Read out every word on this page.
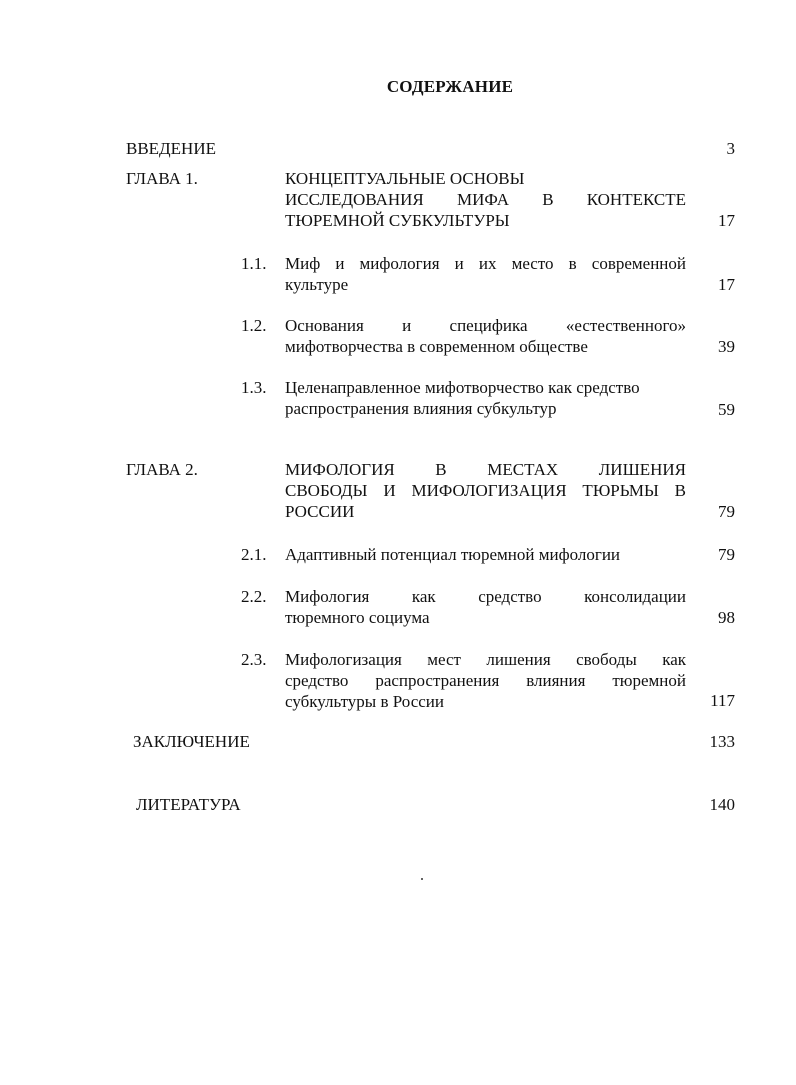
СОДЕРЖАНИЕ
ВВЕДЕНИЕ	3
ГЛАВА 1.	КОНЦЕПТУАЛЬНЫЕ ОСНОВЫ
ИССЛЕДОВАНИЯ МИФА В КОНТЕКСТЕ
ТЮРЕМНОЙ СУБКУЛЬТУРЫ	17
1.1. Миф и мифология и их место в современной
культуре	17
1.2. Основания и специфика «естественного»
мифотворчества в современном обществе	39
1.3. Целенаправленное мифотворчество как средство
распространения влияния субкультур	59
ГЛАВА 2.	МИФОЛОГИЯ В МЕСТАХ ЛИШЕНИЯ
СВОБОДЫ И МИФОЛОГИЗАЦИЯ ТЮРЬМЫ В
РОССИИ	79
2.1. Адаптивный потенциал тюремной мифологии	79
2.2. Мифология как средство консолидации
тюремного социума	98
2.3. Мифологизация мест лишения свободы как
средство распространения влияния тюремной
субкультуры в России	117
ЗАКЛЮЧЕНИЕ	133
ЛИТЕРАТУРА	140
